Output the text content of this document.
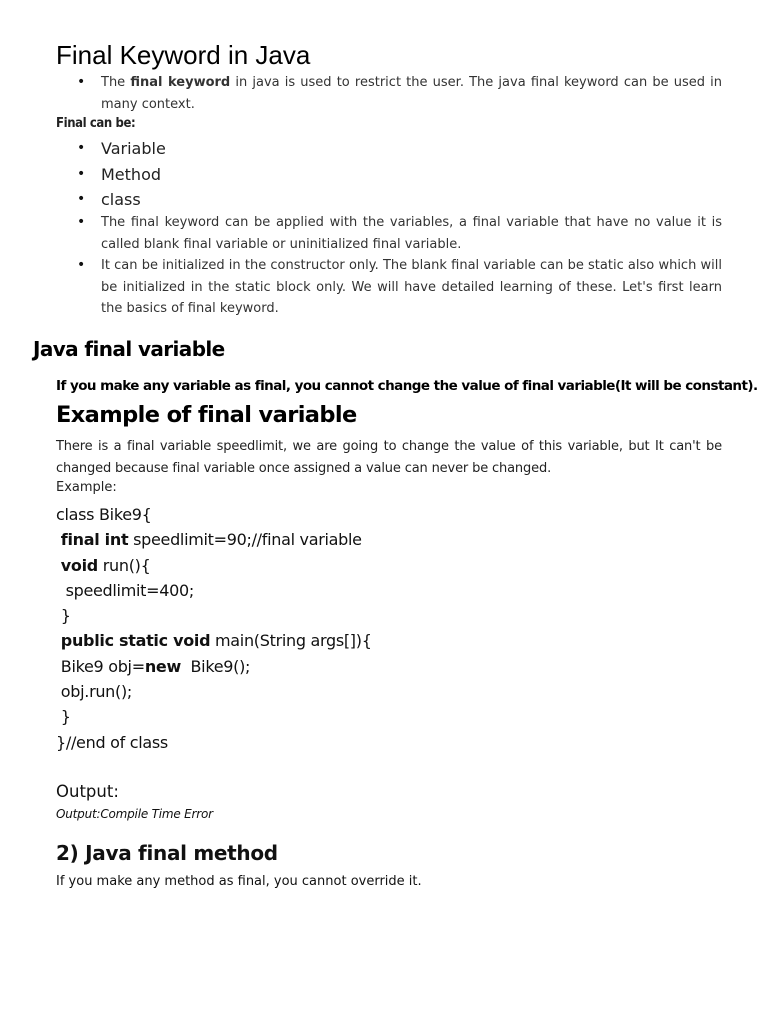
Final Keyword in Java
• The final keyword in java is used to restrict the user. The java final keyword can be used in many context.
Final can be:
• Variable
• Method
• class
• The final keyword can be applied with the variables, a final variable that have no value it is called blank final variable or uninitialized final variable.
• It can be initialized in the constructor only. The blank final variable can be static also which will be initialized in the static block only. We will have detailed learning of these. Let's first learn the basics of final keyword.
Java final variable
If you make any variable as final, you cannot change the value of final variable(It will be constant).
Example of final variable

There is a final variable speedlimit, we are going to change the value of this variable, but It can't be changed because final variable once assigned a value can never be changed.

Example:
class Bike9{
final int speedlimit=90;//final variable
void run(){
speedlimit=400;
}
public static void main(String args[]){
Bike9 obj=new  Bike9();
obj.run();
}
}//end of class
Output:
Output:Compile Time Error
2) Java final method
If you make any method as final, you cannot override it.
